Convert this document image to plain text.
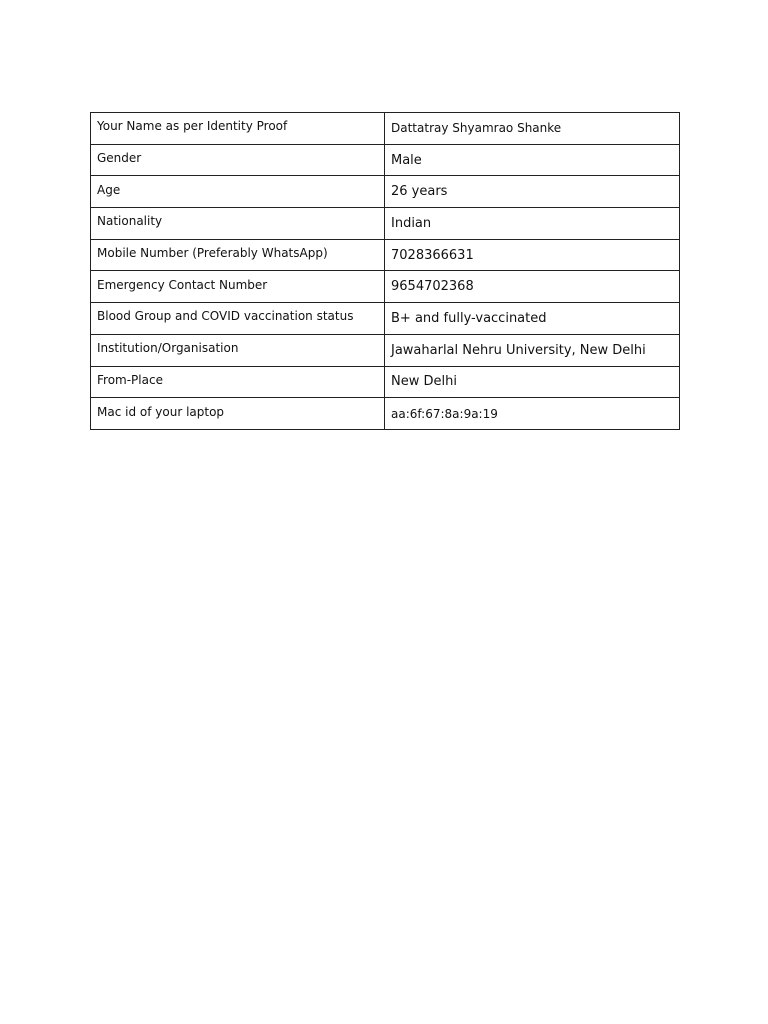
Your Name as per Identity Proof	Dattatray Shyamrao Shanke
Gender	Male
Age	26 years
Nationality	Indian
Mobile Number (Preferably WhatsApp)	7028366631
Emergency Contact Number	9654702368
Blood Group and COVID vaccination status	B+ and fully-vaccinated
Institution/Organisation	Jawaharlal Nehru University, New Delhi
From-Place	New Delhi
Mac id of your laptop	aa:6f:67:8a:9a:19
